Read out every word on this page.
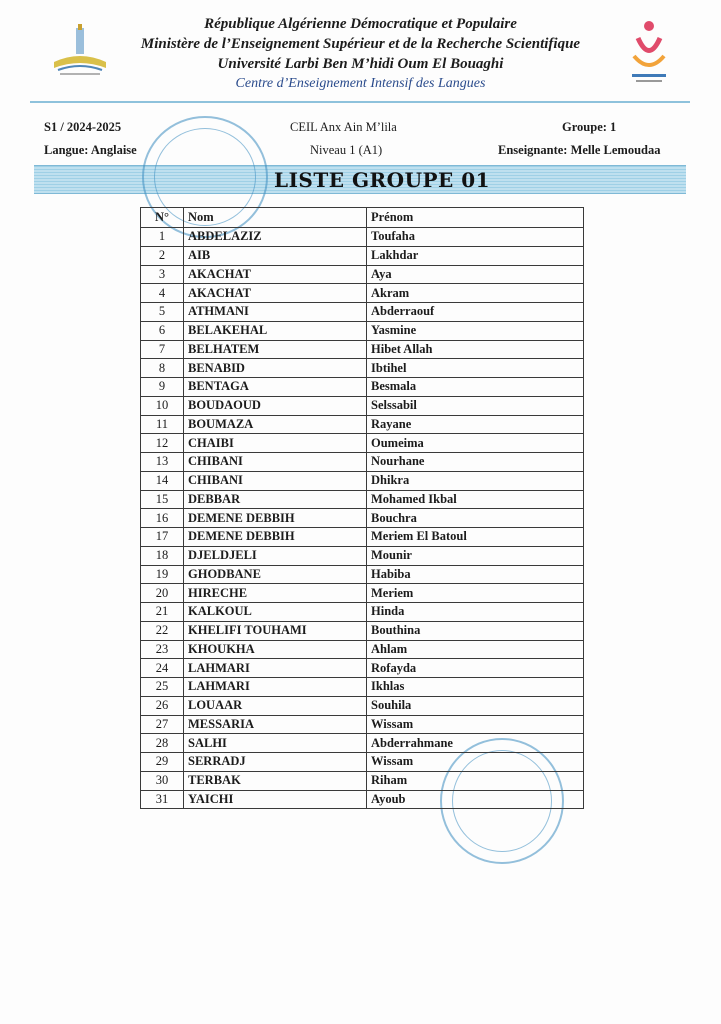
République Algérienne Démocratique et Populaire
Ministère de l’Enseignement Supérieur et de la Recherche Scientifique
Université Larbi Ben M’hidi Oum El Bouaghi
Centre d’Enseignement Intensif des Langues
S1 / 2024-2025
Langue: Anglaise
CEIL Anx Ain M’lila
Niveau 1 (A1)
Groupe: 1
Enseignante: Melle Lemoudaa
LISTE GROUPE 01
N°	Nom	Prénom
1	ABDELAZIZ	Toufaha
2	AIB	Lakhdar
3	AKACHAT	Aya
4	AKACHAT	Akram
5	ATHMANI	Abderraouf
6	BELAKEHAL	Yasmine
7	BELHATEM	Hibet Allah
8	BENABID	Ibtihel
9	BENTAGA	Besmala
10	BOUDAOUD	Selssabil
11	BOUMAZA	Rayane
12	CHAIBI	Oumeima
13	CHIBANI	Nourhane
14	CHIBANI	Dhikra
15	DEBBAR	Mohamed Ikbal
16	DEMENE DEBBIH	Bouchra
17	DEMENE DEBBIH	Meriem El Batoul
18	DJELDJELI	Mounir
19	GHODBANE	Habiba
20	HIRECHE	Meriem
21	KALKOUL	Hinda
22	KHELIFI TOUHAMI	Bouthina
23	KHOUKHA	Ahlam
24	LAHMARI	Rofayda
25	LAHMARI	Ikhlas
26	LOUAAR	Souhila
27	MESSARIA	Wissam
28	SALHI	Abderrahmane
29	SERRADJ	Wissam
30	TERBAK	Riham
31	YAICHI	Ayoub
